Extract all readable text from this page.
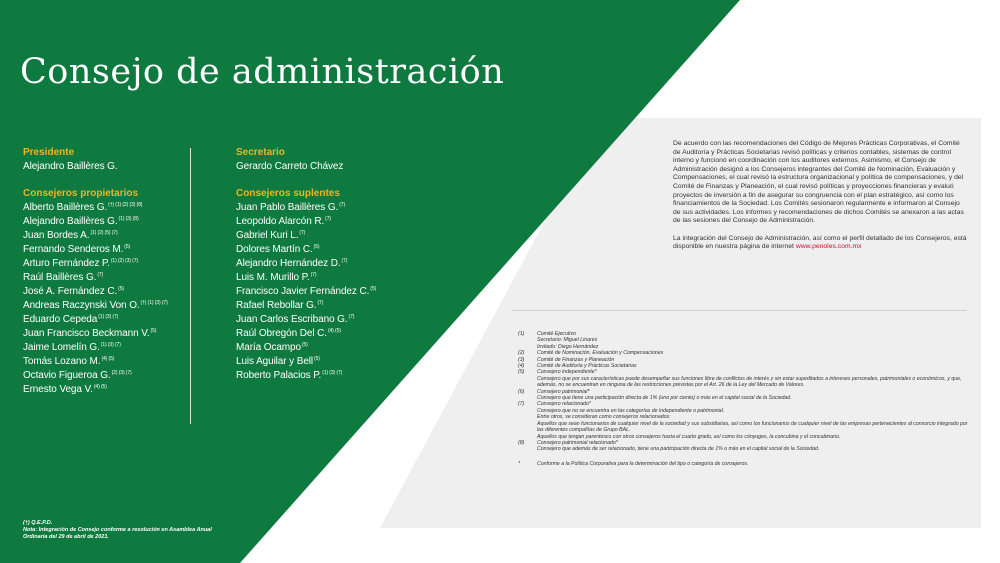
Consejo de administración
Presidente
Alejandro Baillères G.
Consejeros propietarios
Alberto Baillères G.$^{(\dagger) (1) (2) (3) (8)}$
Alejandro Baillères G.$^{(1) (3) (8)}$
Juan Bordes A.$^{(1) (2) (5) (7)}$
Fernando Senderos M.$^{(5)}$
Arturo Fernández P.$^{(1) (2) (3) (7)}$
Raúl Baillères G.$^{(7)}$
José A. Fernández C.$^{(5)}$
Andreas Raczynski Von O.$^{(\dagger) (1) (3) (7)}$
Eduardo Cepeda$^{(1) (3) (7)}$
Juan Francisco Beckmann V.$^{(5)}$
Jaime Lomelín G.$^{(1) (3) (7)}$
Tomás Lozano M.$^{(4) (5)}$
Octavio Figueroa G.$^{(2) (3) (7)}$
Ernesto Vega V.$^{(4) (5)}$
Secretario
Gerardo Carreto Chávez
Consejeros suplentes
Juan Pablo Baillères G.$^{(7)}$
Leopoldo Alarcón R.$^{(7)}$
Gabriel Kuri L.$^{(7)}$
Dolores Martín C.$^{(5)}$
Alejandro Hernández D.$^{(7)}$
Luis M. Murillo P.$^{(7)}$
Francisco Javier Fernández C.$^{(5)}$
Rafael Rebollar G.$^{(7)}$
Juan Carlos Escribano G.$^{(7)}$
Raúl Obregón Del C.$^{(4) (5)}$
María Ocampo$^{(5)}$
Luis Aguilar y Bell$^{(5)}$
Roberto Palacios P.$^{(1) (3) (7)}$
(†) Q.E.P.D.
Nota: Integración de Consejo conforme a resolución en Asamblea Anual Ordinaria del 29 de abril de 2021.

De acuerdo con las recomendaciones del Código de Mejores Prácticas Corporativas, el Comité de Auditoría y Prácticas Societarias revisó políticas y criterios contables, sistemas de control interno y funcionó en coordinación con los auditores externos. Asimismo, el Consejo de Administración designó a los Consejeros integrantes del Comité de Nominación, Evaluación y Compensaciones, el cual revisó la estructura organizacional y política de compensaciones, y del Comité de Finanzas y Planeación, el cual revisó políticas y proyecciones financieras y evaluó proyectos de inversión a fin de asegurar su congruencia con el plan estratégico, así como los financiamientos de la Sociedad. Los Comités sesionaron regularmente e informaron al Consejo de sus actividades. Los informes y recomendaciones de dichos Comités se anexaron a las actas de las sesiones del Consejo de Administración.

La integración del Consejo de Administración, así como el perfil detallado de los Consejeros, está disponible en nuestra página de internet www.penoles.com.mx

(1)	Comité Ejecutivo
Secretario: Miguel Linares
Invitado: Diego Hernández
(2)	Comité de Nominación, Evaluación y Compensaciones
(3)	Comité de Finanzas y Planeación
(4)	Comité de Auditoría y Prácticas Societarias
(5)	Consejero independiente*
Consejero que por sus características puede desempeñar sus funciones libre de conflictos de interés y sin estar supeditados a intereses personales, patrimoniales o económicos, y que, además, no se encuentran en ninguna de las restricciones previstas por el Art. 26 de la Ley del Mercado de Valores.
(6)	Consejero patrimonial*
Consejero que tiene una participación directa de 1% (uno por ciento) o más en el capital social de la Sociedad.
(7)	Consejero relacionado*
Consejero que no se encuentra en las categorías de independiente o patrimonial.
Entre otros, se consideran como consejeros relacionados:
Aquellos que sean funcionarios de cualquier nivel de la sociedad y sus subsidiarias, así como los funcionarios de cualquier nivel de las empresas pertenecientes al consorcio integrado por las diferentes compañías de Grupo BAL.
Aquellos que tengan parentesco con otros consejeros hasta el cuarto grado, así como los cónyuges, la concubina y el concubinario.
(8)	Consejero patrimonial relacionado*
Consejero que además de ser relacionado, tiene una participación directa de 1% o más en el capital social de la Sociedad.
*	Conforme a la Política Corporativa para la determinación del tipo o categoría de consejeros.
